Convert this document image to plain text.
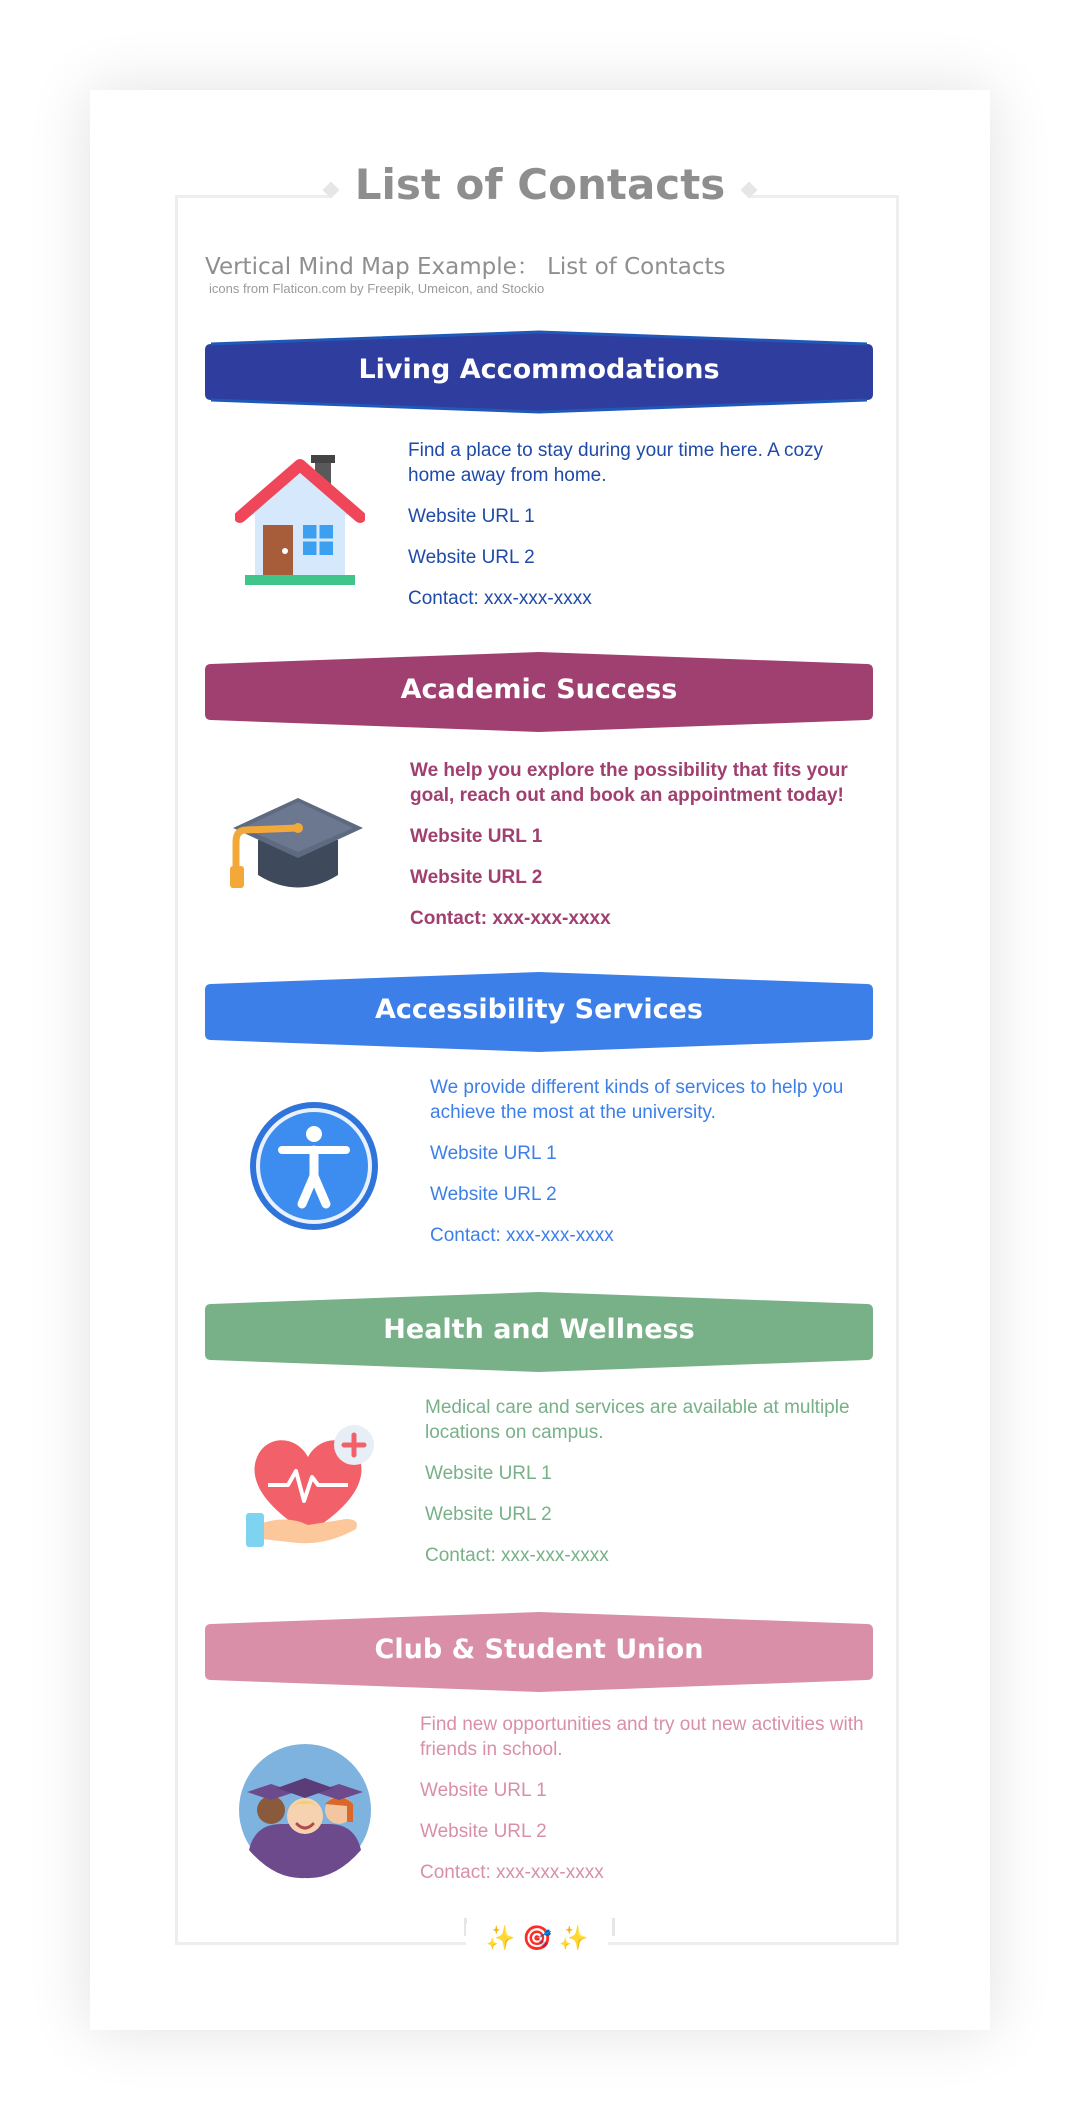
List of Contacts
Vertical Mind Map Example： List of Contacts
icons from Flaticon.com by Freepik, Umeicon, and Stockio
Living Accommodations

Find a place to stay during your time here. A cozy home away from home.

Website URL 1
Website URL 2
Contact: xxx-xxx-xxxx
Academic Success

We help you explore the possibility that fits your goal, reach out and book an appointment today!

Website URL 1
Website URL 2
Contact: xxx-xxx-xxxx
Accessibility Services

We provide different kinds of services to help you achieve the most at the university.

Website URL 1
Website URL 2
Contact: xxx-xxx-xxxx
Health and Wellness

Medical care and services are available at multiple locations on campus.

Website URL 1
Website URL 2
Contact: xxx-xxx-xxxx
Club & Student Union

Find new opportunities and try out new activities with friends in school.

Website URL 1
Website URL 2
Contact: xxx-xxx-xxxx
✨ 🎯 ✨
